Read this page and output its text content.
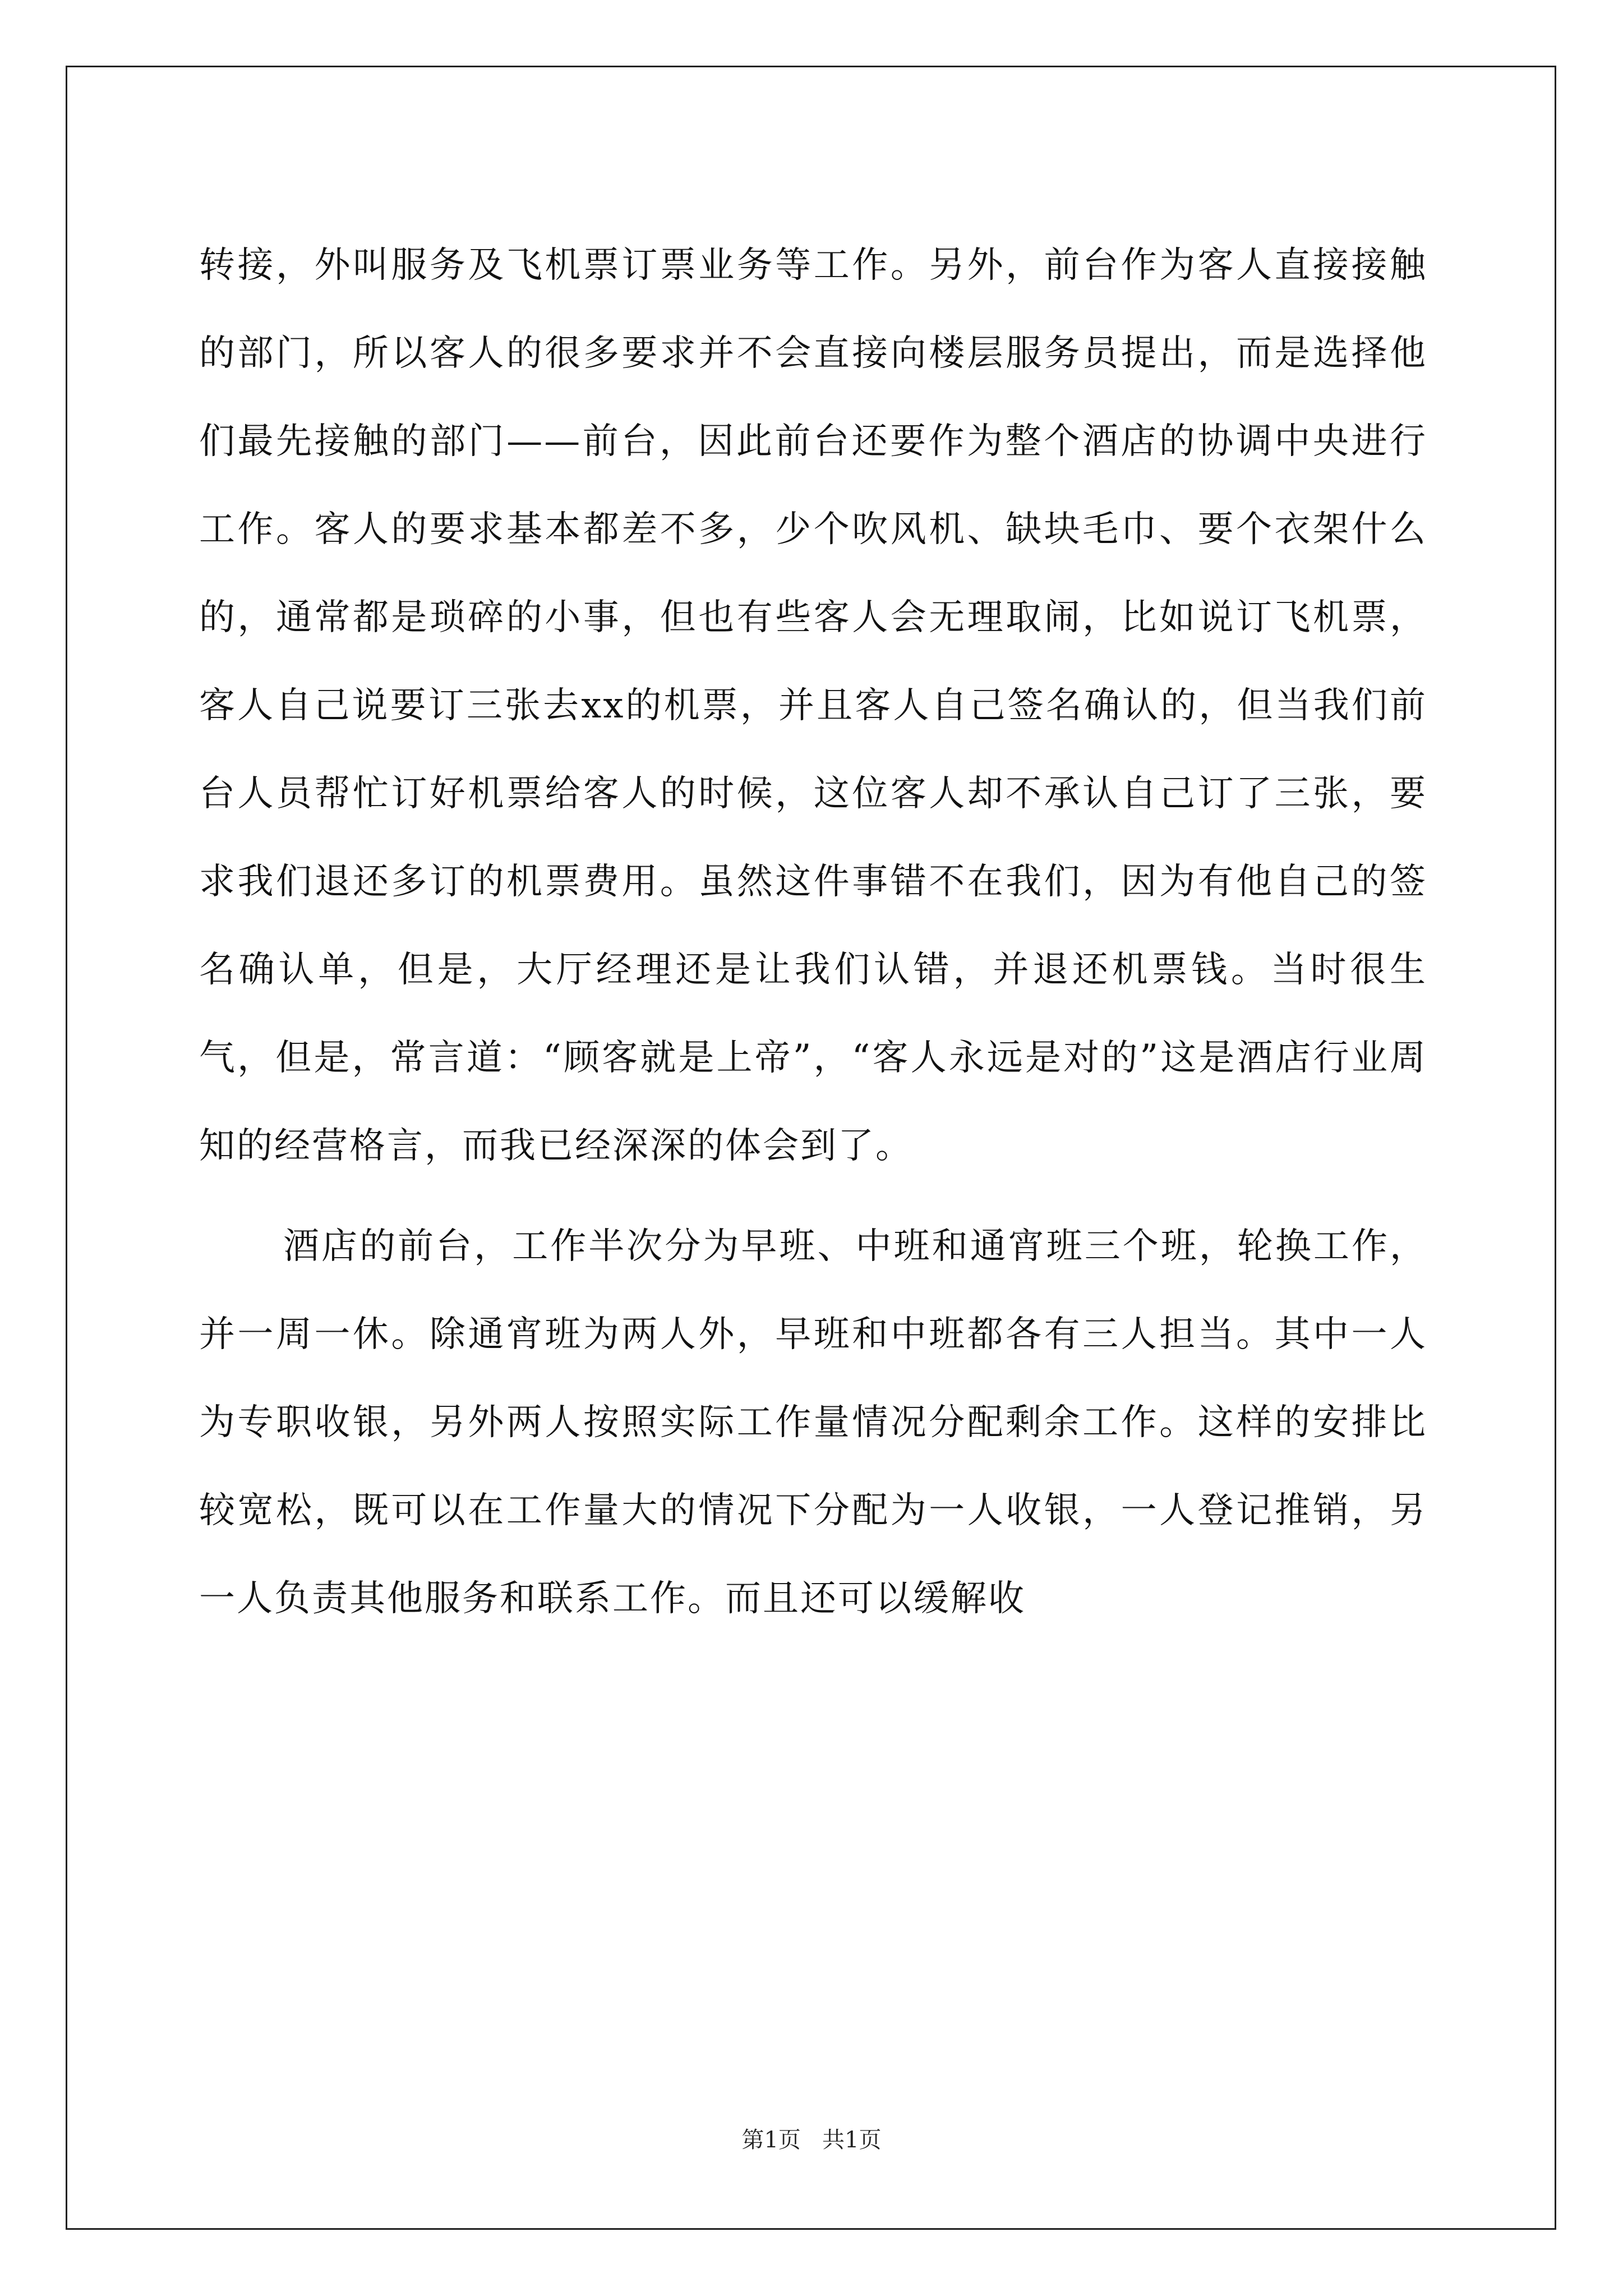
转接，外叫服务及飞机票订票业务等工作。另外，前台作为客人直接接触的部门，所以客人的很多要求并不会直接向楼层服务员提出，而是选择他们最先接触的部门——前台，因此前台还要作为整个酒店的协调中央进行工作。客人的要求基本都差不多，少个吹风机、缺块毛巾、要个衣架什么的，通常都是琐碎的小事，但也有些客人会无理取闹，比如说订飞机票，客人自己说要订三张去xx的机票，并且客人自己签名确认的，但当我们前台人员帮忙订好机票给客人的时候，这位客人却不承认自己订了三张，要求我们退还多订的机票费用。虽然这件事错不在我们，因为有他自己的签名确认单，但是，大厅经理还是让我们认错，并退还机票钱。当时很生气，但是，常言道：“顾客就是上帝”，“客人永远是对的”这是酒店行业周知的经营格言，而我已经深深的体会到了。

酒店的前台，工作半次分为早班、中班和通宵班三个班，轮换工作，并一周一休。除通宵班为两人外，早班和中班都各有三人担当。其中一人为专职收银，另外两人按照实际工作量情况分配剩余工作。这样的安排比较宽松，既可以在工作量大的情况下分配为一人收银，一人登记推销，另一人负责其他服务和联系工作。而且还可以缓解收

第1页   共1页
